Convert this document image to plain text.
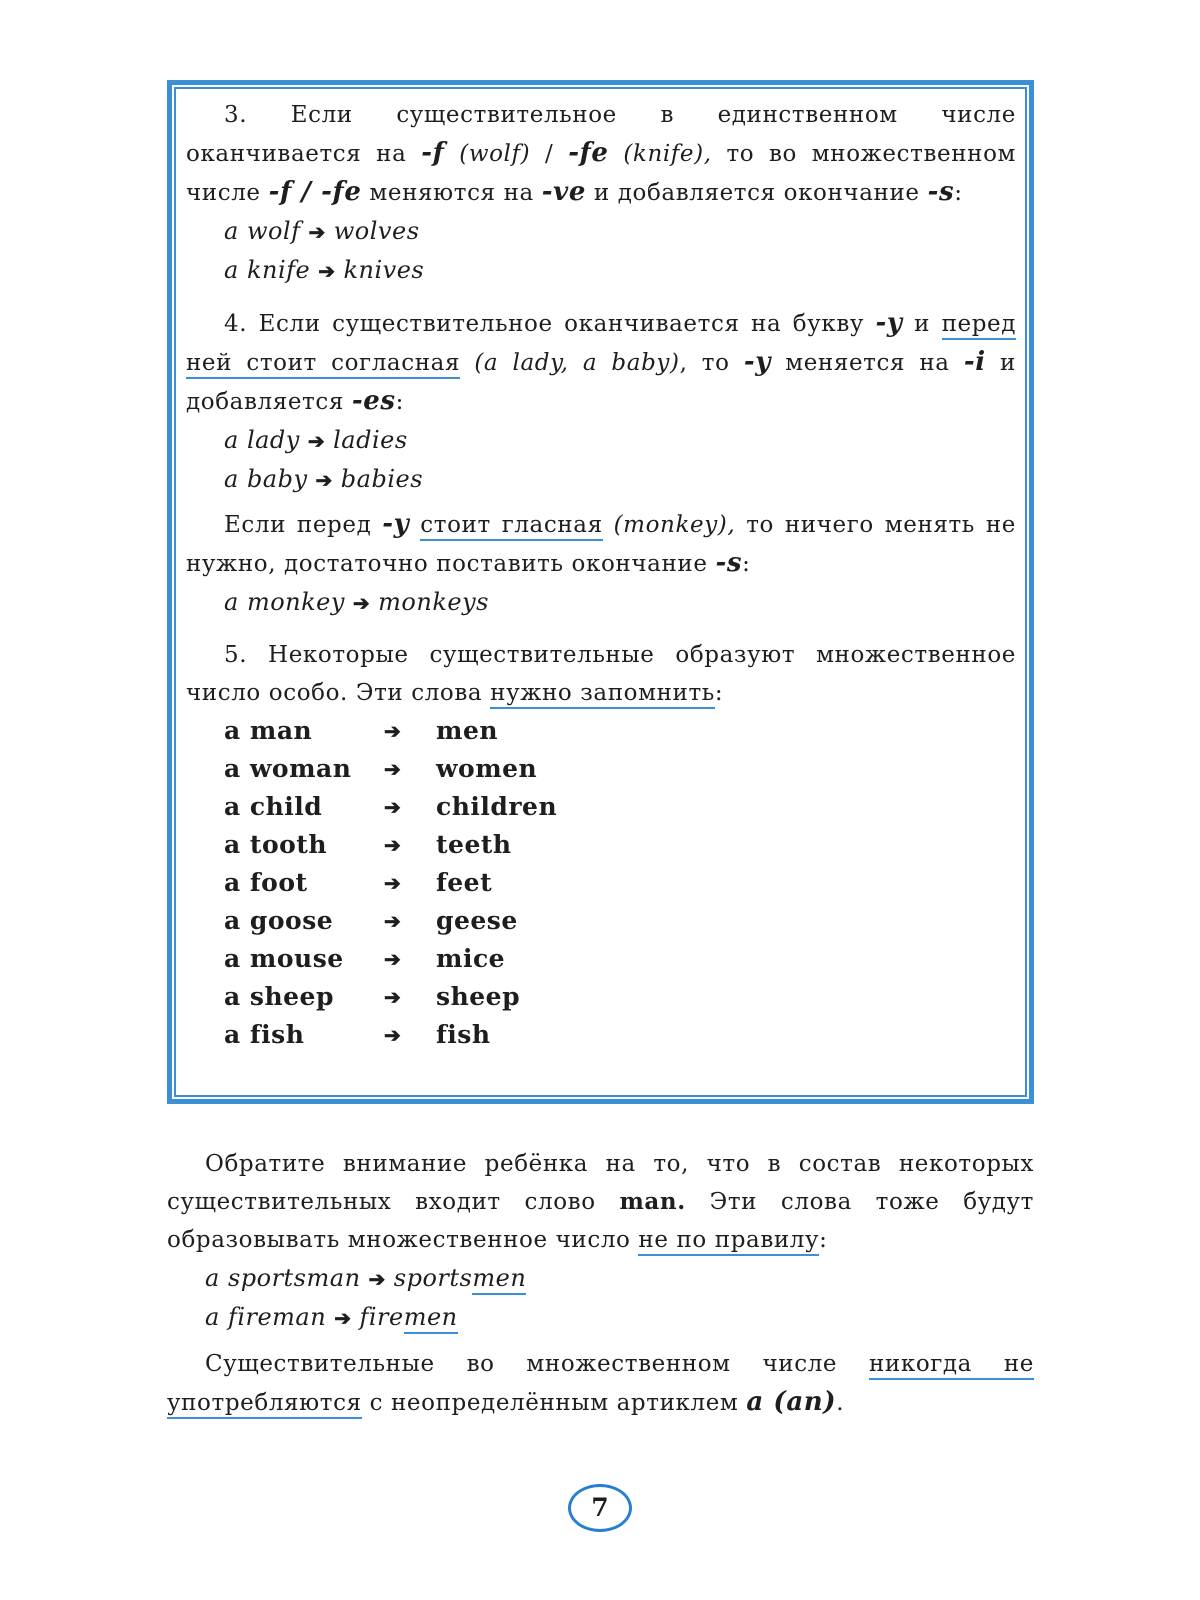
3. Если существительное в единственном числе оканчивается на -f (wolf) / -fe (knife), то во множественном числе -f / -fe меняются на -ve и добавляется окончание -s:

a wolf ➔ wolves
a knife ➔ knives

4. Если существительное оканчивается на букву -y и перед ней стоит согласная (a lady, a baby), то -y меняется на -i и добавляется -es:

a lady ➔ ladies
a baby ➔ babies

Если перед -y стоит гласная (monkey), то ничего менять не нужно, достаточно поставить окончание -s:

a monkey ➔ monkeys

5. Некоторые существительные образуют множественное число особо. Эти слова нужно запомнить:

a man	➔	men
a woman	➔	women
a child	➔	children
a tooth	➔	teeth
a foot	➔	feet
a goose	➔	geese
a mouse	➔	mice
a sheep	➔	sheep
a fish	➔	fish

Обратите внимание ребёнка на то, что в состав некоторых существительных входит слово man. Эти слова тоже будут образовывать множественное число не по правилу:

a sportsman ➔ sportsmen
a fireman ➔ firemen

Существительные во множественном числе никогда не употребляются с неопределённым артиклем a (an).

7
